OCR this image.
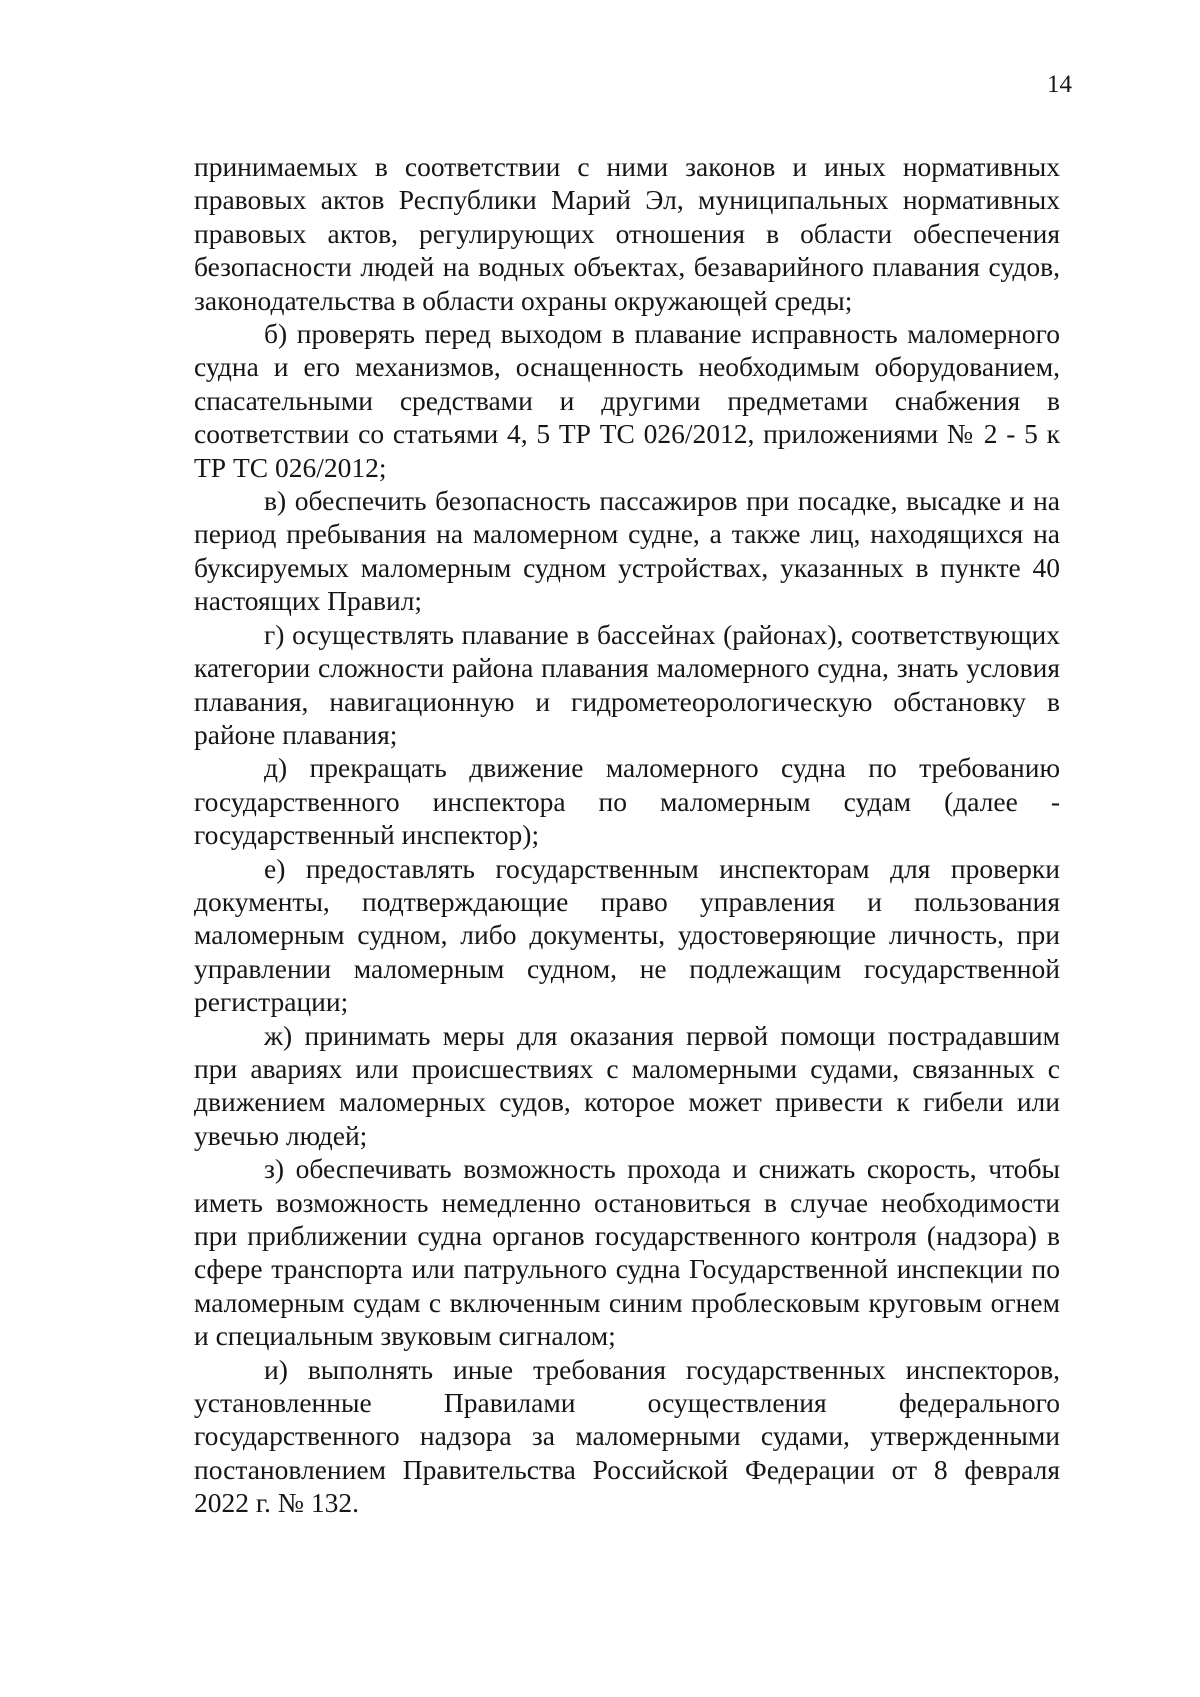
14

принимаемых в соответствии с ними законов и иных нормативных правовых актов Республики Марий Эл, муниципальных нормативных правовых актов, регулирующих отношения в области обеспечения безопасности людей на водных объектах, безаварийного плавания судов, законодательства в области охраны окружающей среды;

б) проверять перед выходом в плавание исправность маломерного судна и его механизмов, оснащенность необходимым оборудованием, спасательными средствами и другими предметами снабжения в соответствии со статьями 4, 5 ТР ТС 026/2012, приложениями № 2 - 5 к ТР ТС 026/2012;

в) обеспечить безопасность пассажиров при посадке, высадке и на период пребывания на маломерном судне, а также лиц, находящихся на буксируемых маломерным судном устройствах, указанных в пункте 40 настоящих Правил;

г) осуществлять плавание в бассейнах (районах), соответствующих категории сложности района плавания маломерного судна, знать условия плавания, навигационную и гидрометеорологическую обстановку в районе плавания;

д) прекращать движение маломерного судна по требованию государственного инспектора по маломерным судам (далее - государственный инспектор);

е) предоставлять государственным инспекторам для проверки документы, подтверждающие право управления и пользования маломерным судном, либо документы, удостоверяющие личность, при управлении маломерным судном, не подлежащим государственной регистрации;

ж) принимать меры для оказания первой помощи пострадавшим при авариях или происшествиях с маломерными судами, связанных с движением маломерных судов, которое может привести к гибели или увечью людей;

з) обеспечивать возможность прохода и снижать скорость, чтобы иметь возможность немедленно остановиться в случае необходимости при приближении судна органов государственного контроля (надзора) в сфере транспорта или патрульного судна Государственной инспекции по маломерным судам с включенным синим проблесковым круговым огнем и специальным звуковым сигналом;

и) выполнять иные требования государственных инспекторов, установленные Правилами осуществления федерального государственного надзора за маломерными судами, утвержденными постановлением Правительства Российской Федерации от 8 февраля 2022 г. № 132.
